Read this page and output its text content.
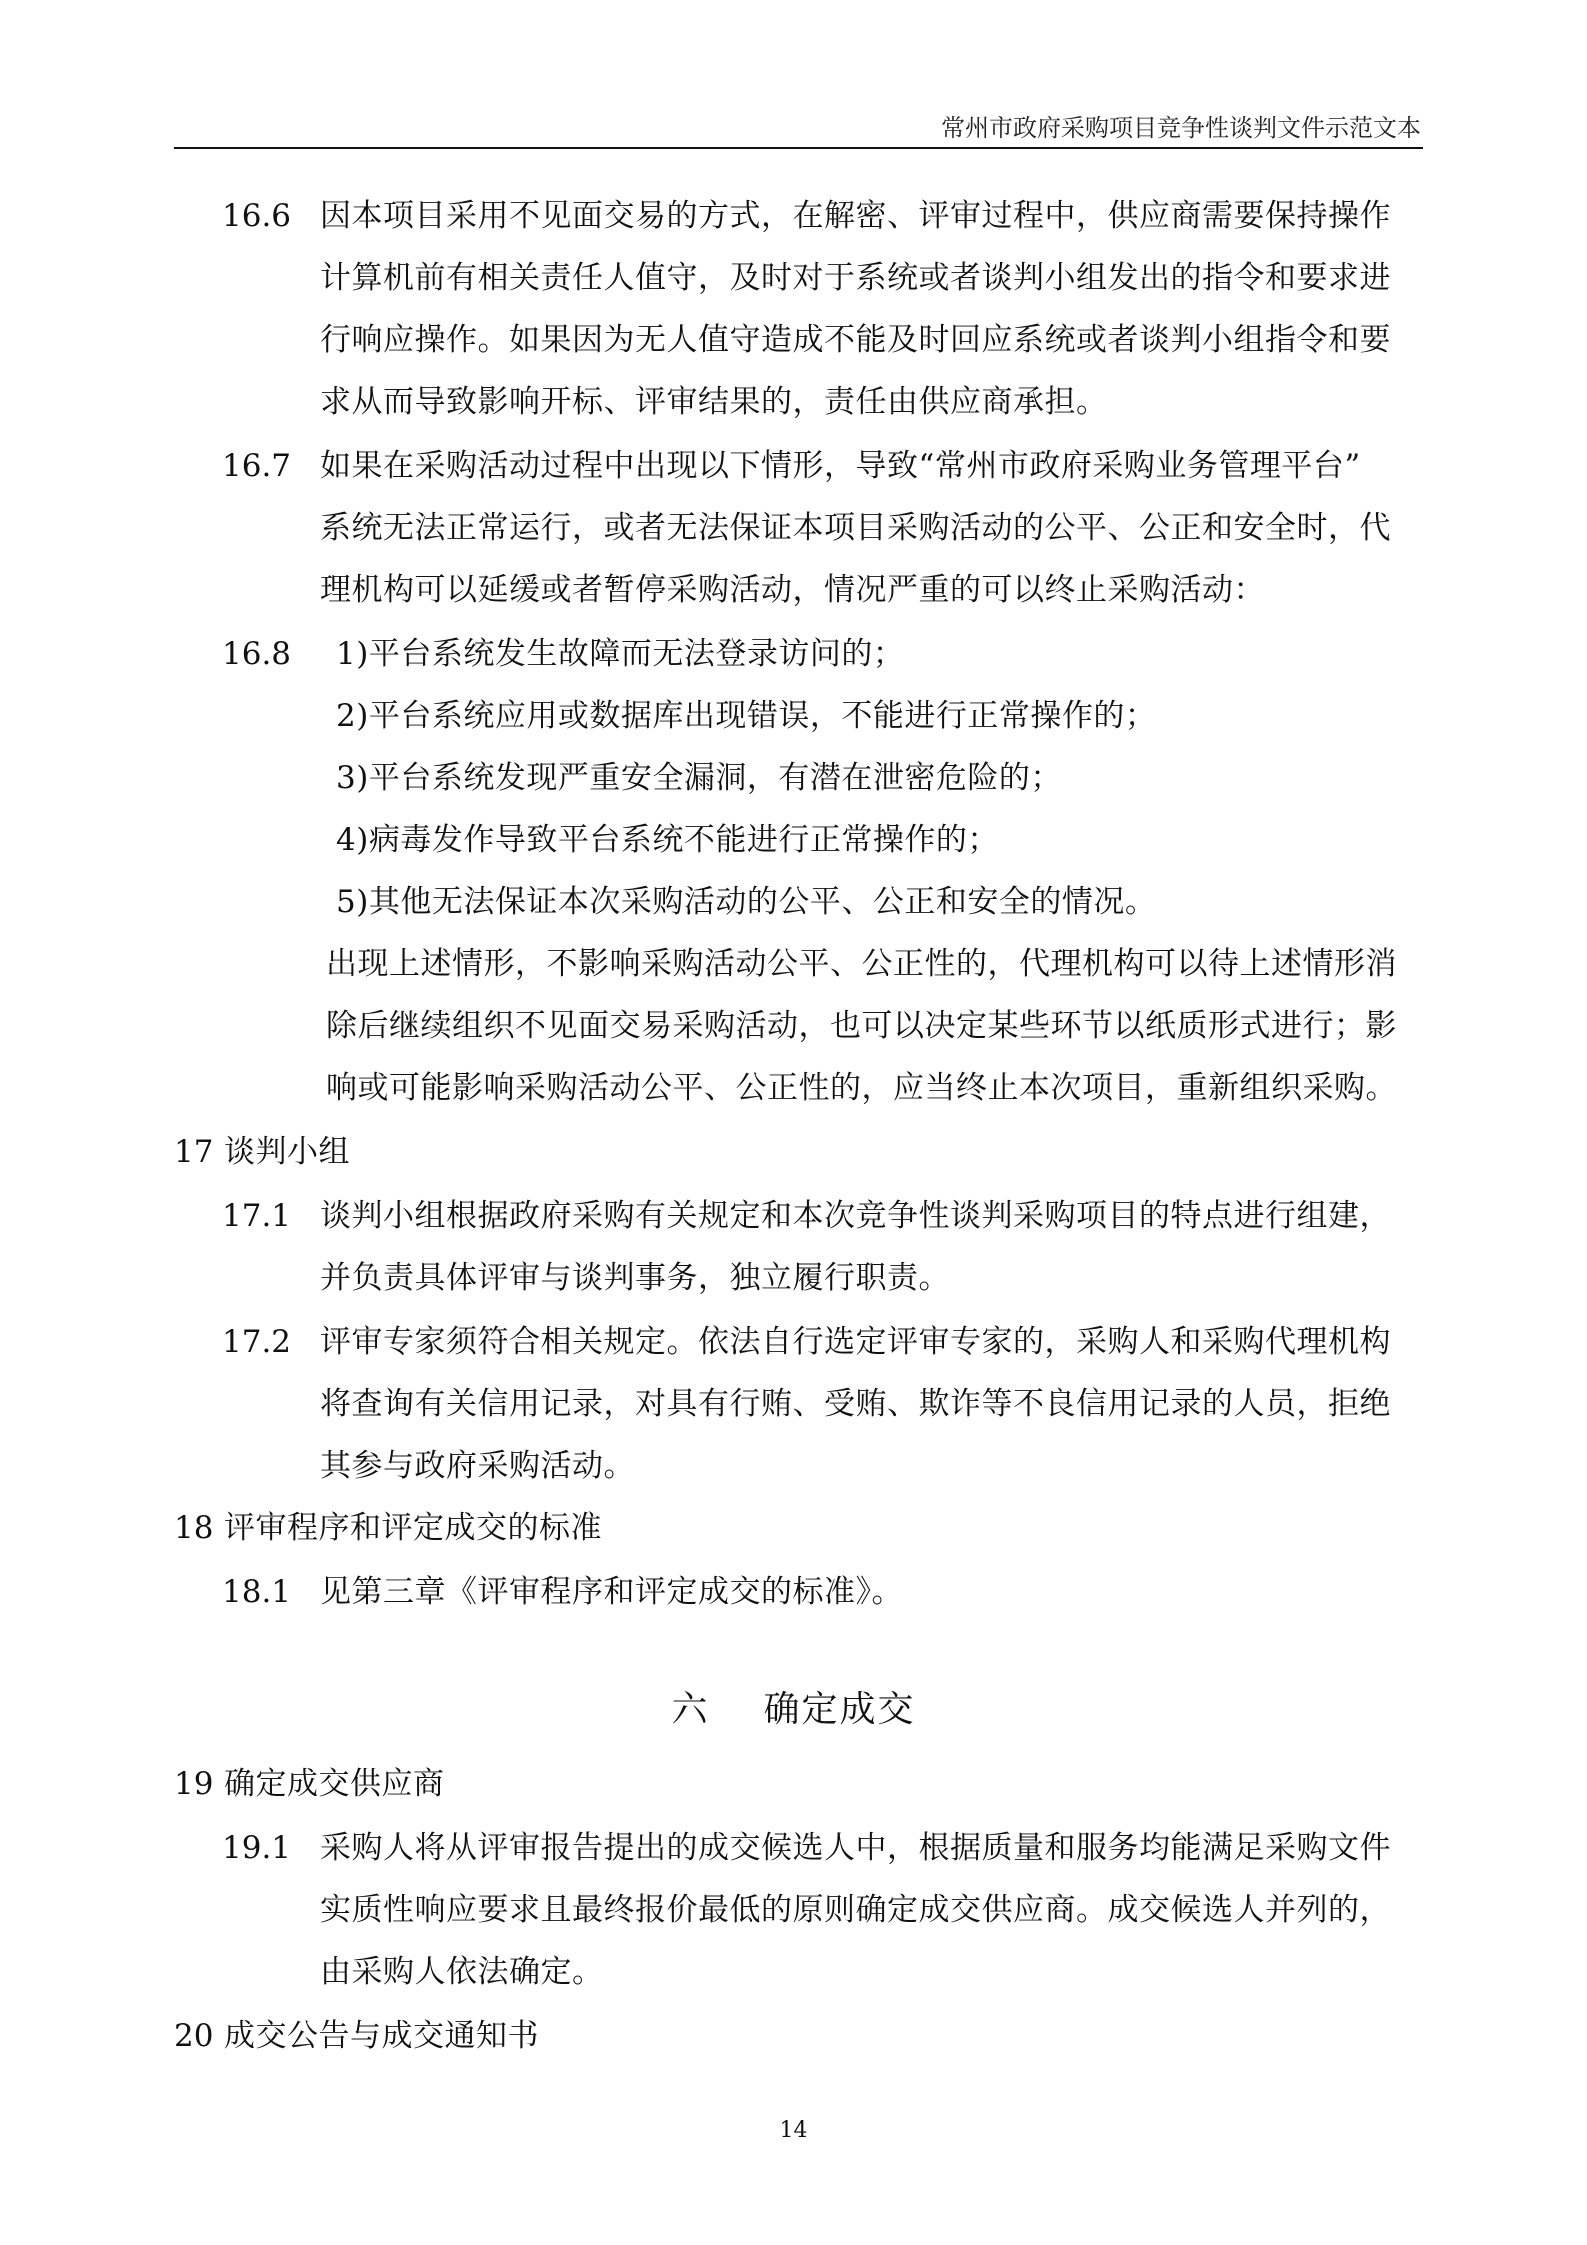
常州市政府采购项目竞争性谈判文件示范文本
16.6 因本项目采用不见面交易的方式，在解密、评审过程中，供应商需要保持操作
计算机前有相关责任人值守，及时对于系统或者谈判小组发出的指令和要求进
行响应操作。如果因为无人值守造成不能及时回应系统或者谈判小组指令和要
求从而导致影响开标、评审结果的，责任由供应商承担。
16.7 如果在采购活动过程中出现以下情形，导致“常州市政府采购业务管理平台”
系统无法正常运行，或者无法保证本项目采购活动的公平、公正和安全时，代
理机构可以延缓或者暂停采购活动，情况严重的可以终止采购活动：
16.8 1)平台系统发生故障而无法登录访问的；
2)平台系统应用或数据库出现错误，不能进行正常操作的；
3)平台系统发现严重安全漏洞，有潜在泄密危险的；
4)病毒发作导致平台系统不能进行正常操作的；
5)其他无法保证本次采购活动的公平、公正和安全的情况。
出现上述情形，不影响采购活动公平、公正性的，代理机构可以待上述情形消
除后继续组织不见面交易采购活动，也可以决定某些环节以纸质形式进行；影
响或可能影响采购活动公平、公正性的，应当终止本次项目，重新组织采购。
17 谈判小组
17.1 谈判小组根据政府采购有关规定和本次竞争性谈判采购项目的特点进行组建，
并负责具体评审与谈判事务，独立履行职责。
17.2 评审专家须符合相关规定。依法自行选定评审专家的，采购人和采购代理机构
将查询有关信用记录，对具有行贿、受贿、欺诈等不良信用记录的人员，拒绝
其参与政府采购活动。
18 评审程序和评定成交的标准
18.1 见第三章《评审程序和评定成交的标准》。
六 确定成交
19 确定成交供应商
19.1 采购人将从评审报告提出的成交候选人中，根据质量和服务均能满足采购文件
实质性响应要求且最终报价最低的原则确定成交供应商。成交候选人并列的，
由采购人依法确定。
20 成交公告与成交通知书
14
